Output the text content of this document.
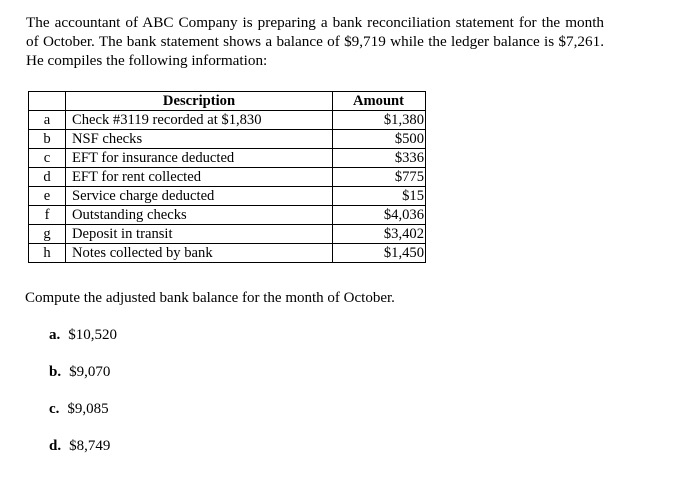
The accountant of ABC Company is preparing a bank reconciliation statement for the month of October. The bank statement shows a balance of $9,719 while the ledger balance is $7,261. He compiles the following information:

	Description	Amount
a	Check #3119 recorded at $1,830	$1,380
b	NSF checks	$500
c	EFT for insurance deducted	$336
d	EFT for rent collected	$775
e	Service charge deducted	$15
f	Outstanding checks	$4,036
g	Deposit in transit	$3,402
h	Notes collected by bank	$1,450

Compute the adjusted bank balance for the month of October.

a. $10,520
b. $9,070
c. $9,085
d. $8,749
